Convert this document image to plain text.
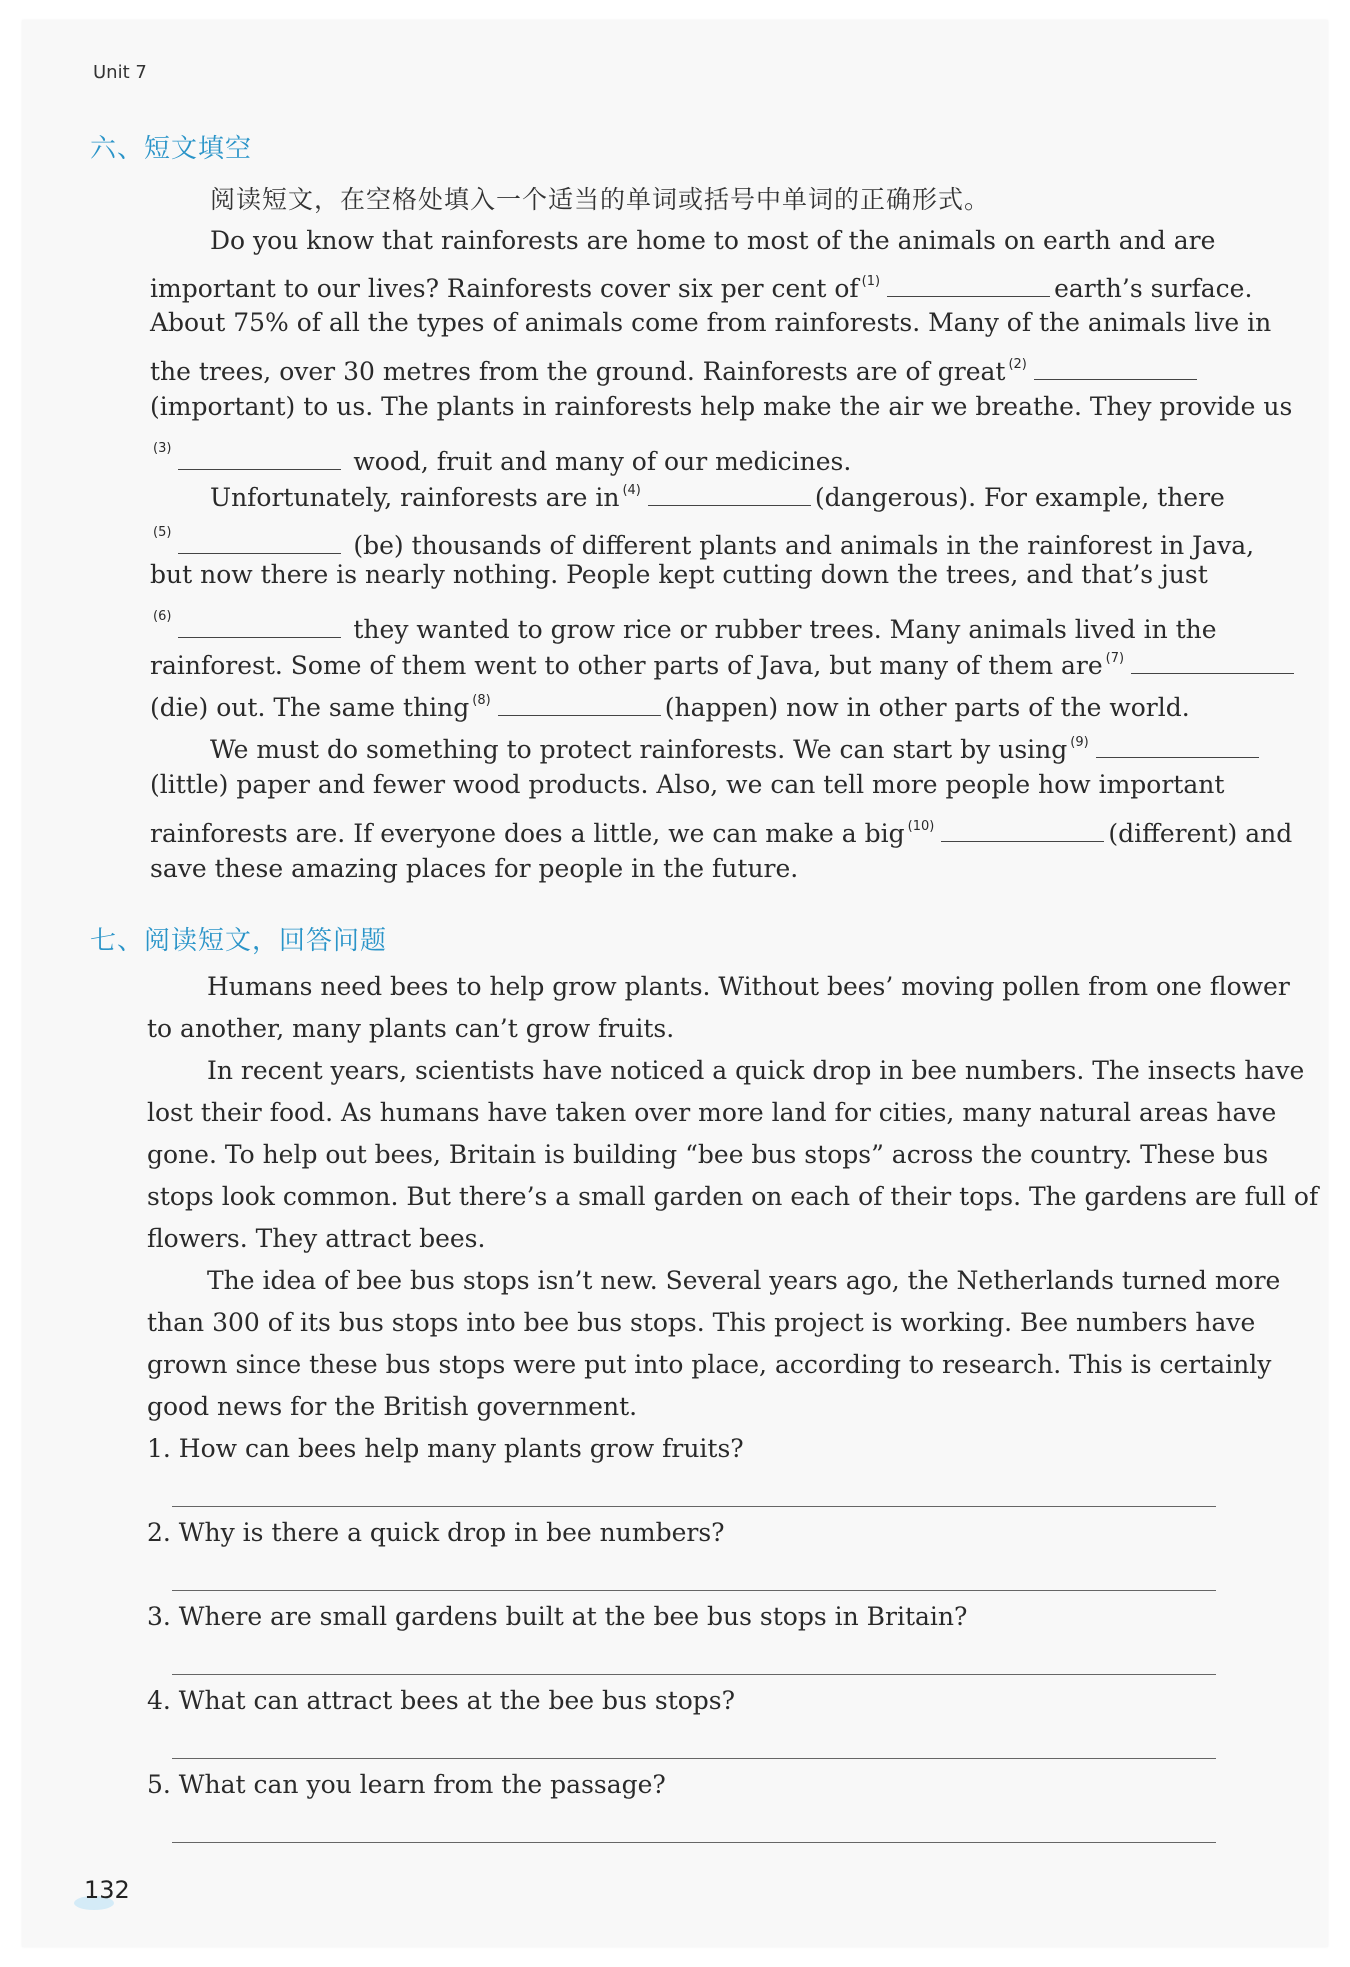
Unit 7
六、短文填空
阅读短文，在空格处填入一个适当的单词或括号中单词的正确形式。
Do you know that rainforests are home to most of the animals on earth and are
important to our lives? Rainforests cover six per cent of $^{(1)}$	earth’s surface.
About 75% of all the types of animals come from rainforests. Many of the animals live in
the trees, over 30 metres from the ground. Rainforests are of great $^{(2)}$
(important) to us. The plants in rainforests help make the air we breathe. They provide us
$^{(3)}$	wood, fruit and many of our medicines.
Unfortunately, rainforests are in $^{(4)}$	(dangerous). For example, there
$^{(5)}$	(be) thousands of different plants and animals in the rainforest in Java,
but now there is nearly nothing. People kept cutting down the trees, and that’s just
$^{(6)}$	they wanted to grow rice or rubber trees. Many animals lived in the
rainforest. Some of them went to other parts of Java, but many of them are $^{(7)}$
(die) out. The same thing $^{(8)}$	(happen) now in other parts of the world.
We must do something to protect rainforests. We can start by using $^{(9)}$
(little) paper and fewer wood products. Also, we can tell more people how important
rainforests are. If everyone does a little, we can make a big $^{(10)}$	(different) and
save these amazing places for people in the future.
七、阅读短文，回答问题
Humans need bees to help grow plants. Without bees’ moving pollen from one flower
to another, many plants can’t grow fruits.
In recent years, scientists have noticed a quick drop in bee numbers. The insects have
lost their food. As humans have taken over more land for cities, many natural areas have
gone. To help out bees, Britain is building “bee bus stops” across the country. These bus
stops look common. But there’s a small garden on each of their tops. The gardens are full of
flowers. They attract bees.
The idea of bee bus stops isn’t new. Several years ago, the Netherlands turned more
than 300 of its bus stops into bee bus stops. This project is working. Bee numbers have
grown since these bus stops were put into place, according to research. This is certainly
good news for the British government.
1. How can bees help many plants grow fruits?
2. Why is there a quick drop in bee numbers?
3. Where are small gardens built at the bee bus stops in Britain?
4. What can attract bees at the bee bus stops?
5. What can you learn from the passage?
132
